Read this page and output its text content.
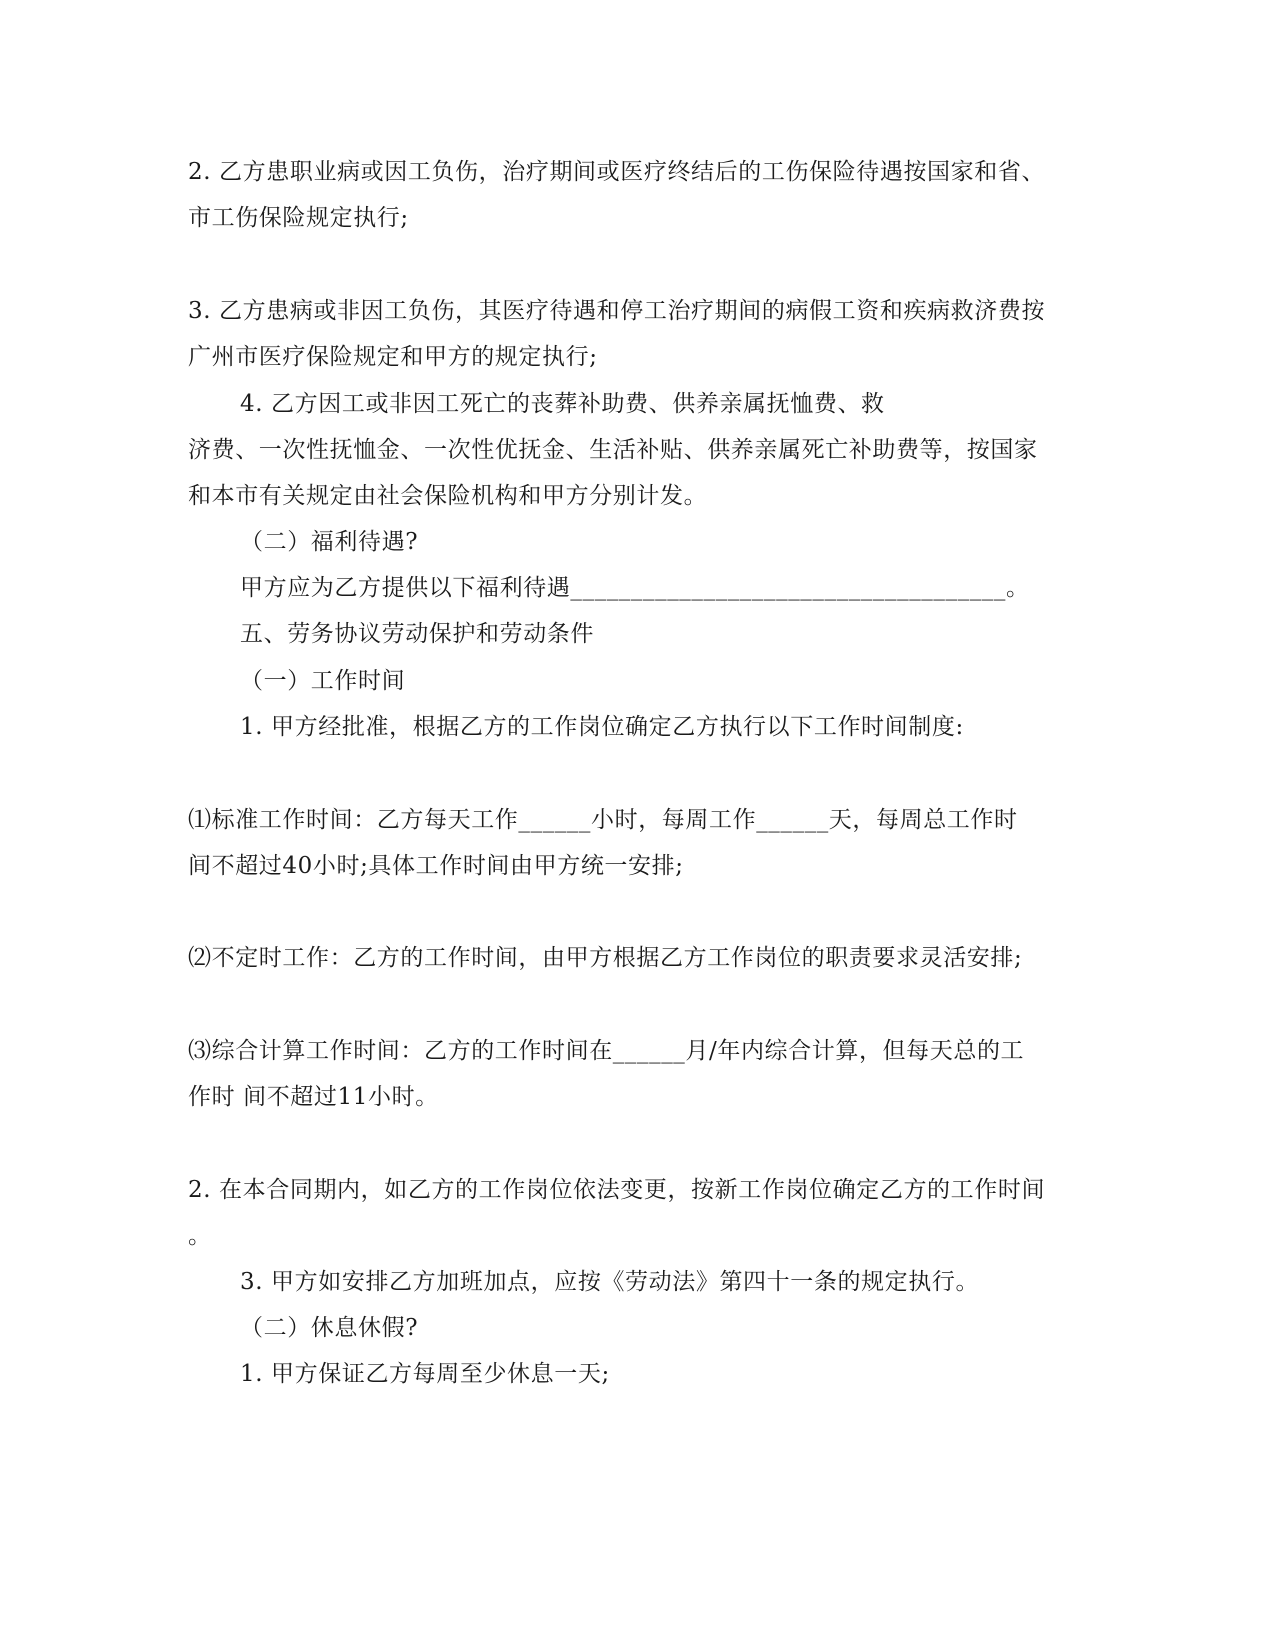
2. 乙方患职业病或因工负伤，治疗期间或医疗终结后的工伤保险待遇按国家和省、
市工伤保险规定执行;
3. 乙方患病或非因工负伤，其医疗待遇和停工治疗期间的病假工资和疾病救济费按
广州市医疗保险规定和甲方的规定执行;
4. 乙方因工或非因工死亡的丧葬补助费、供养亲属抚恤费、救
济费、一次性抚恤金、一次性优抚金、生活补贴、供养亲属死亡补助费等，按国家
和本市有关规定由社会保险机构和甲方分别计发。
（二）福利待遇?
甲方应为乙方提供以下福利待遇____________________________________。
五、劳务协议劳动保护和劳动条件
（一）工作时间
1. 甲方经批准，根据乙方的工作岗位确定乙方执行以下工作时间制度:
⑴标准工作时间：乙方每天工作______小时，每周工作______天，每周总工作时
间不超过40小时;具体工作时间由甲方统一安排;
⑵不定时工作：乙方的工作时间，由甲方根据乙方工作岗位的职责要求灵活安排;
⑶综合计算工作时间：乙方的工作时间在______月/年内综合计算，但每天总的工
作时 间不超过11小时。
2. 在本合同期内，如乙方的工作岗位依法变更，按新工作岗位确定乙方的工作时间
。
3. 甲方如安排乙方加班加点，应按《劳动法》第四十一条的规定执行。
（二）休息休假?
1. 甲方保证乙方每周至少休息一天;
